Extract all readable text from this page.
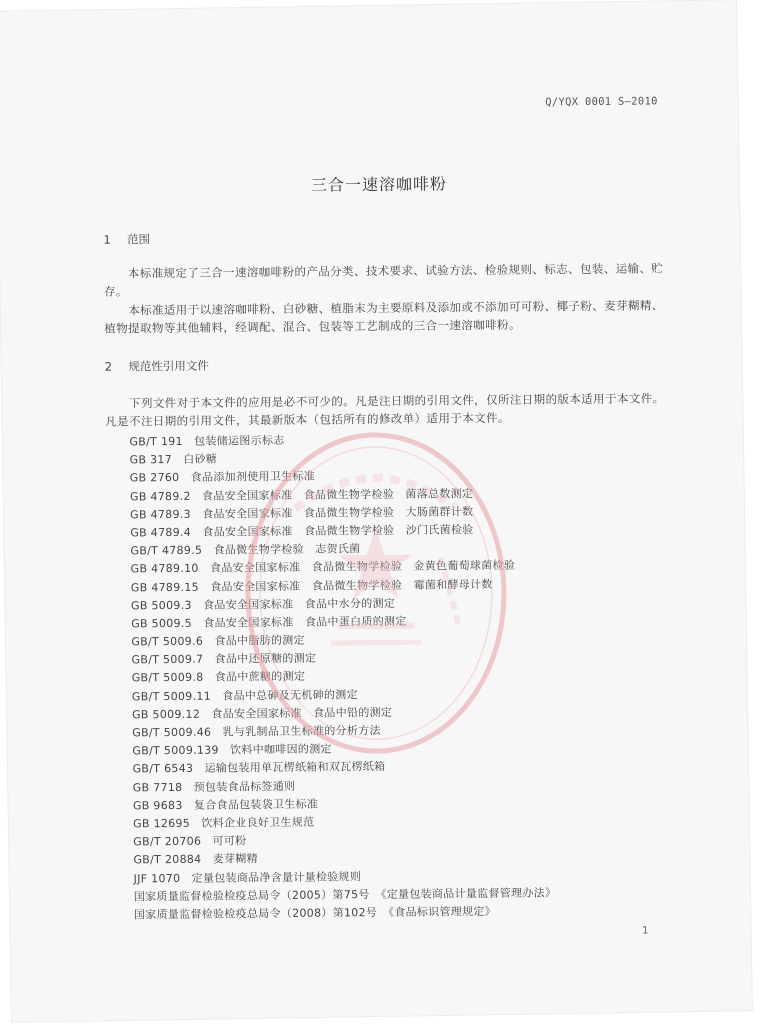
Q/YQX 0001 S—2010
三合一速溶咖啡粉
1 范围
本标准规定了三合一速溶咖啡粉的产品分类、技术要求、试验方法、检验规则、标志、包装、运输、贮存。
本标准适用于以速溶咖啡粉、白砂糖、植脂末为主要原料及添加或不添加可可粉、椰子粉、麦芽糊精、植物提取物等其他辅料，经调配、混合、包装等工艺制成的三合一速溶咖啡粉。
2 规范性引用文件
下列文件对于本文件的应用是必不可少的。凡是注日期的引用文件，仅所注日期的版本适用于本文件。凡是不注日期的引用文件，其最新版本（包括所有的修改单）适用于本文件。
GB/T 191　包装储运图示标志
GB 317　白砂糖
GB 2760　食品添加剂使用卫生标准
GB 4789.2　食品安全国家标准　食品微生物学检验　菌落总数测定
GB 4789.3　食品安全国家标准　食品微生物学检验　大肠菌群计数
GB 4789.4　食品安全国家标准　食品微生物学检验　沙门氏菌检验
GB/T 4789.5　食品微生物学检验　志贺氏菌
GB 4789.10　食品安全国家标准　食品微生物学检验　金黄色葡萄球菌检验
GB 4789.15　食品安全国家标准　食品微生物学检验　霉菌和酵母计数
GB 5009.3　食品安全国家标准　食品中水分的测定
GB 5009.5　食品安全国家标准　食品中蛋白质的测定
GB/T 5009.6　食品中脂肪的测定
GB/T 5009.7　食品中还原糖的测定
GB/T 5009.8　食品中蔗糖的测定
GB/T 5009.11　食品中总砷及无机砷的测定
GB 5009.12　食品安全国家标准　食品中铅的测定
GB/T 5009.46　乳与乳制品卫生标准的分析方法
GB/T 5009.139　饮料中咖啡因的测定
GB/T 6543　运输包装用单瓦楞纸箱和双瓦楞纸箱
GB 7718　预包装食品标签通则
GB 9683　复合食品包装袋卫生标准
GB 12695　饮料企业良好卫生规范
GB/T 20706　可可粉
GB/T 20884　麦芽糊精
JJF 1070　定量包装商品净含量计量检验规则
国家质量监督检验检疫总局令（2005）第75号　《定量包装商品计量监督管理办法》
国家质量监督检验检疫总局令（2008）第102号　《食品标识管理规定》
1
